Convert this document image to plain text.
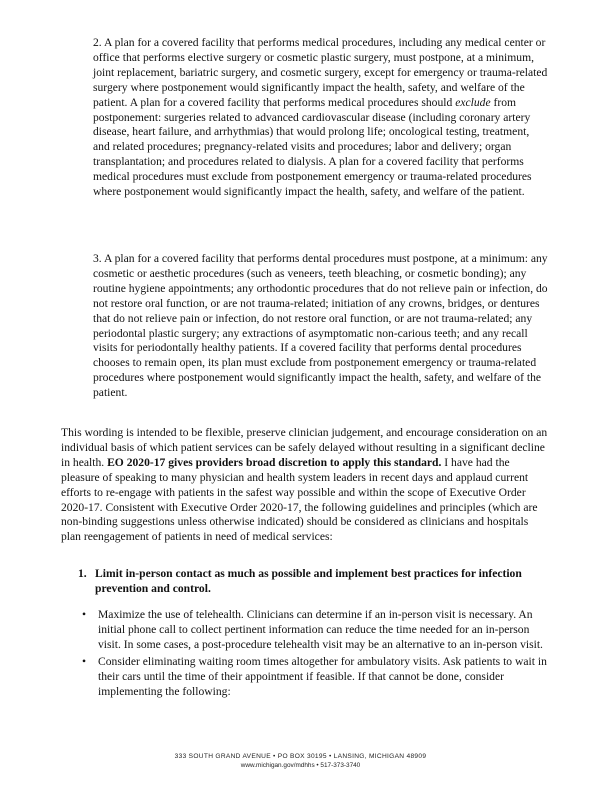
2. A plan for a covered facility that performs medical procedures, including any medical center or office that performs elective surgery or cosmetic plastic surgery, must postpone, at a minimum, joint replacement, bariatric surgery, and cosmetic surgery, except for emergency or trauma-related surgery where postponement would significantly impact the health, safety, and welfare of the patient. A plan for a covered facility that performs medical procedures should exclude from postponement: surgeries related to advanced cardiovascular disease (including coronary artery disease, heart failure, and arrhythmias) that would prolong life; oncological testing, treatment, and related procedures; pregnancy-related visits and procedures; labor and delivery; organ transplantation; and procedures related to dialysis. A plan for a covered facility that performs medical procedures must exclude from postponement emergency or trauma-related procedures where postponement would significantly impact the health, safety, and welfare of the patient.

3. A plan for a covered facility that performs dental procedures must postpone, at a minimum: any cosmetic or aesthetic procedures (such as veneers, teeth bleaching, or cosmetic bonding); any routine hygiene appointments; any orthodontic procedures that do not relieve pain or infection, do not restore oral function, or are not trauma-related; initiation of any crowns, bridges, or dentures that do not relieve pain or infection, do not restore oral function, or are not trauma-related; any periodontal plastic surgery; any extractions of asymptomatic non-carious teeth; and any recall visits for periodontally healthy patients. If a covered facility that performs dental procedures chooses to remain open, its plan must exclude from postponement emergency or trauma-related procedures where postponement would significantly impact the health, safety, and welfare of the patient.

This wording is intended to be flexible, preserve clinician judgement, and encourage consideration on an individual basis of which patient services can be safely delayed without resulting in a significant decline in health. EO 2020-17 gives providers broad discretion to apply this standard. I have had the pleasure of speaking to many physician and health system leaders in recent days and applaud current efforts to re-engage with patients in the safest way possible and within the scope of Executive Order 2020-17. Consistent with Executive Order 2020-17, the following guidelines and principles (which are non-binding suggestions unless otherwise indicated) should be considered as clinicians and hospitals plan reengagement of patients in need of medical services:

1. Limit in-person contact as much as possible and implement best practices for infection prevention and control.
• Maximize the use of telehealth. Clinicians can determine if an in-person visit is necessary. An initial phone call to collect pertinent information can reduce the time needed for an in-person visit. In some cases, a post-procedure telehealth visit may be an alternative to an in-person visit.
• Consider eliminating waiting room times altogether for ambulatory visits. Ask patients to wait in their cars until the time of their appointment if feasible. If that cannot be done, consider implementing the following:
333 SOUTH GRAND AVENUE • PO BOX 30195 • LANSING, MICHIGAN 48909
www.michigan.gov/mdhhs • 517-373-3740
